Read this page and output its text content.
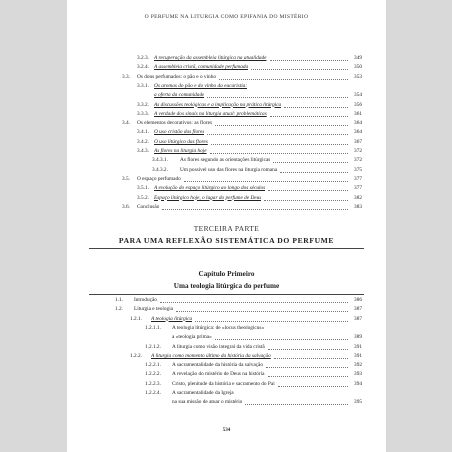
O PERFUME NA LITURGIA COMO EPIFANIA DO MISTÉRIO
3.2.3. A recuperação da assembleia litúrgica na atualidade	349
3.2.4. A assembleia cristã, comunidade perfumada	350
3.3. Os dons perfumados: o pão e o vinho	353
3.3.1. Os aromas do pão e do vinho da eucaristia:
a oferta da comunidade	354
3.3.2. As discussões teológicas e a implicação na prática litúrgica	356
3.3.3. A verdade dos sinais na liturgia atual: problemáticas	361
3.4. Os elementos decorativos: as flores	364
3.4.1. O uso cristão das flores	364
3.4.2. O uso litúrgico das flores	367
3.4.3. As flores na liturgia hoje	372
3.4.3.1. As flores segundo as orientações litúrgicas	372
3.4.3.2. Um possível uso das flores na liturgia romana	375
3.5. O espaço perfumado	377
3.5.1. A evolução do espaço litúrgico ao longo dos séculos	377
3.5.2. Espaço litúrgico hoje, o lugar do perfume de Deus	382
3.6. Conclusão	383
TERCEIRA PARTE
PARA UMA REFLEXÃO SISTEMÁTICA DO PERFUME
Capítulo Primeiro
Uma teologia litúrgica do perfume
1.1. Introdução	386
1.2. Liturgia e teologia	387
1.2.1. A teologia litúrgica	387
1.2.1.1. A teologia litúrgica: de «locus theologicus»
a «teologia prima»	389
1.2.1.2. A liturgia como visão integral da vida cristã	391
1.2.2. A liturgia como momento último da história da salvação	391
1.2.2.1. A sacramentalidade da história da salvação	392
1.2.2.2. A revelação do mistério de Deus na história	393
1.2.2.3. Cristo, plenitude da história e sacramento do Pai	394
1.2.2.4. A sacramentalidade da Igreja
na sua missão de atuar o mistério	395
534
